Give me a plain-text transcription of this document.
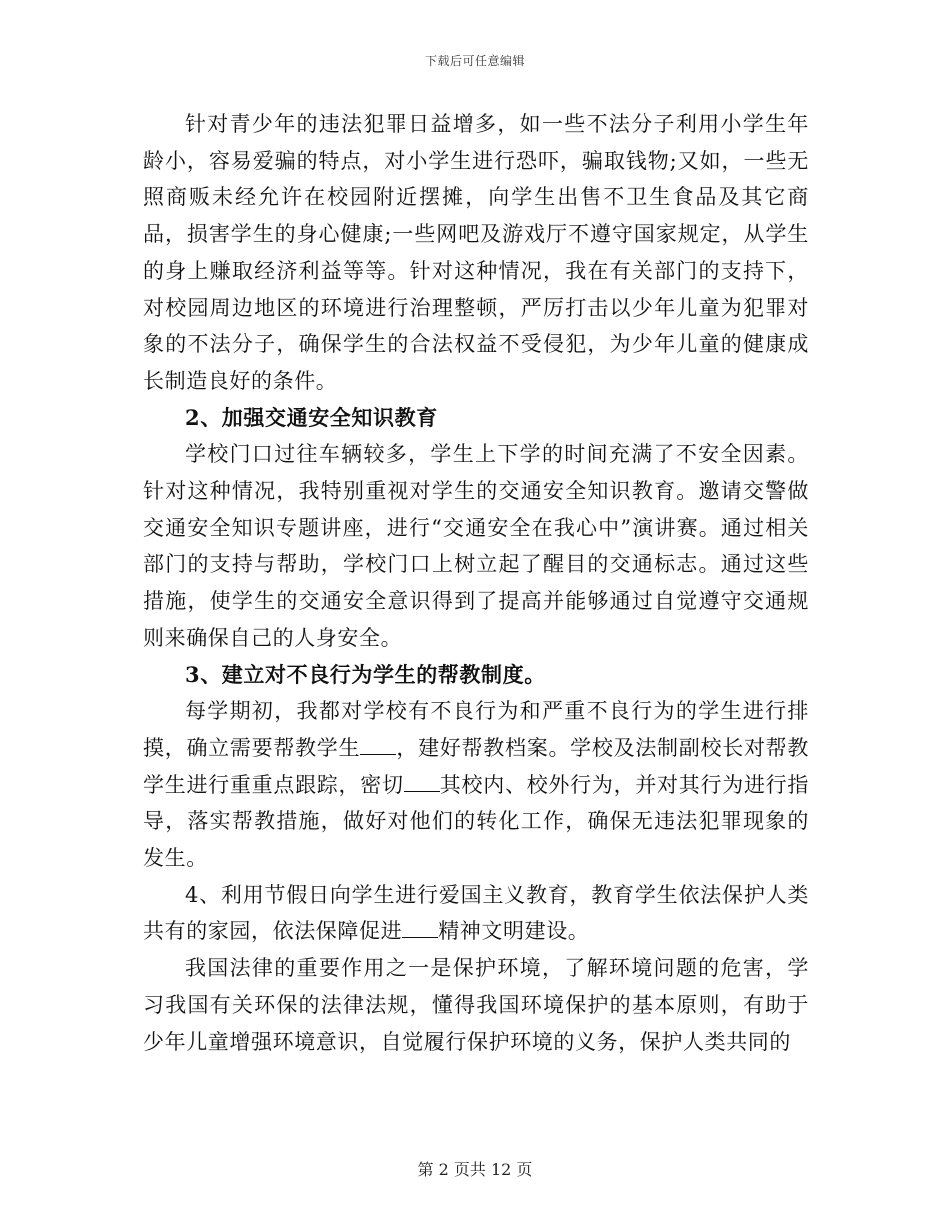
下载后可任意编辑

针对青少年的违法犯罪日益增多，如一些不法分子利用小学生年龄小，容易爱骗的特点，对小学生进行恐吓，骗取钱物;又如，一些无照商贩未经允许在校园附近摆摊，向学生出售不卫生食品及其它商品，损害学生的身心健康;一些网吧及游戏厅不遵守国家规定，从学生的身上赚取经济利益等等。针对这种情况，我在有关部门的支持下，对校园周边地区的环境进行治理整顿，严厉打击以少年儿童为犯罪对象的不法分子，确保学生的合法权益不受侵犯，为少年儿童的健康成长制造良好的条件。

2、加强交通安全知识教育

学校门口过往车辆较多，学生上下学的时间充满了不安全因素。针对这种情况，我特别重视对学生的交通安全知识教育。邀请交警做交通安全知识专题讲座，进行“交通安全在我心中”演讲赛。通过相关部门的支持与帮助，学校门口上树立起了醒目的交通标志。通过这些措施，使学生的交通安全意识得到了提高并能够通过自觉遵守交通规则来确保自己的人身安全。

3、建立对不良行为学生的帮教制度。

每学期初，我都对学校有不良行为和严重不良行为的学生进行排摸，确立需要帮教学生 ，建好帮教档案。学校及法制副校长对帮教学生进行重重点跟踪，密切 其校内、校外行为，并对其行为进行指导，落实帮教措施，做好对他们的转化工作，确保无违法犯罪现象的发生。

4、利用节假日向学生进行爱国主义教育，教育学生依法保护人类共有的家园，依法保障促进 精神文明建设。

我国法律的重要作用之一是保护环境，了解环境问题的危害，学习我国有关环保的法律法规，懂得我国环境保护的基本原则，有助于少年儿童增强环境意识，自觉履行保护环境的义务，保护人类共同的

第 2 页共 12 页
